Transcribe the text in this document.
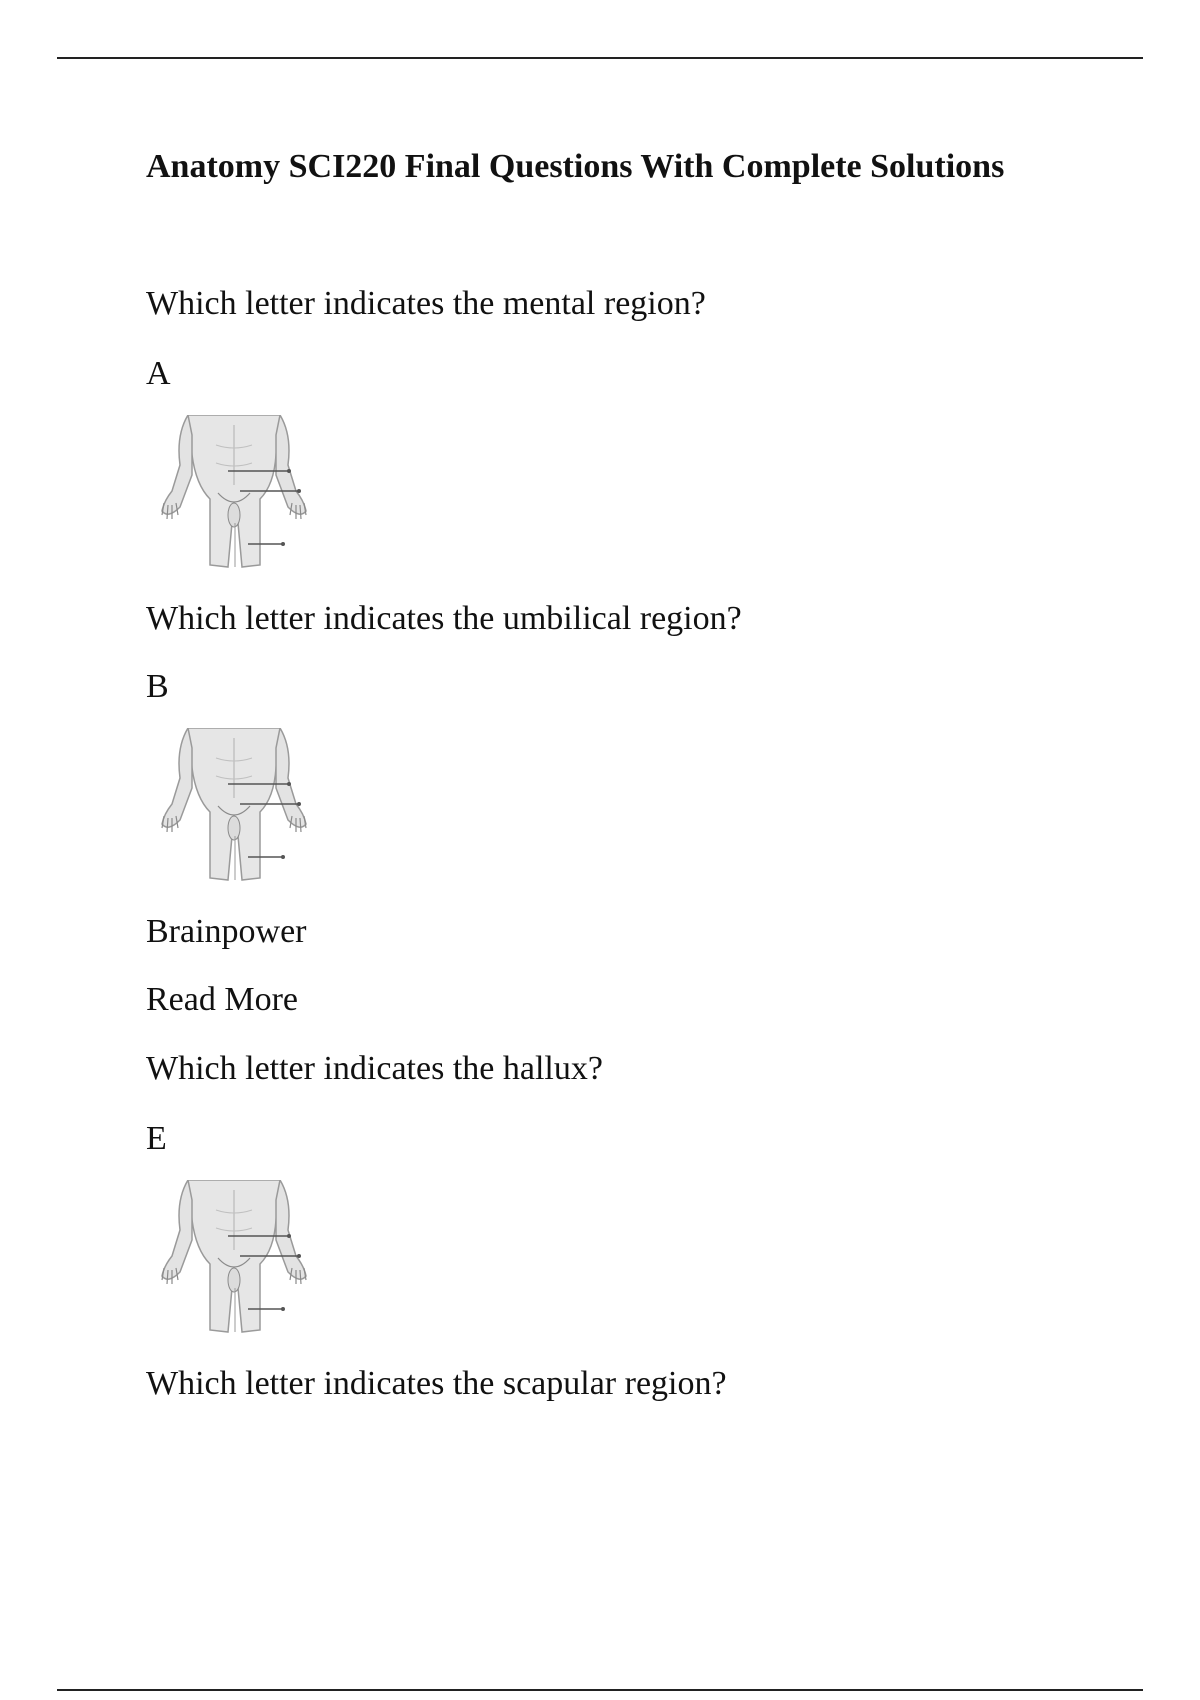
Anatomy SCI220 Final Questions With Complete Solutions

Which letter indicates the mental region?

A

Which letter indicates the umbilical region?

B

Brainpower

Read More

Which letter indicates the hallux?

E

Which letter indicates the scapular region?
